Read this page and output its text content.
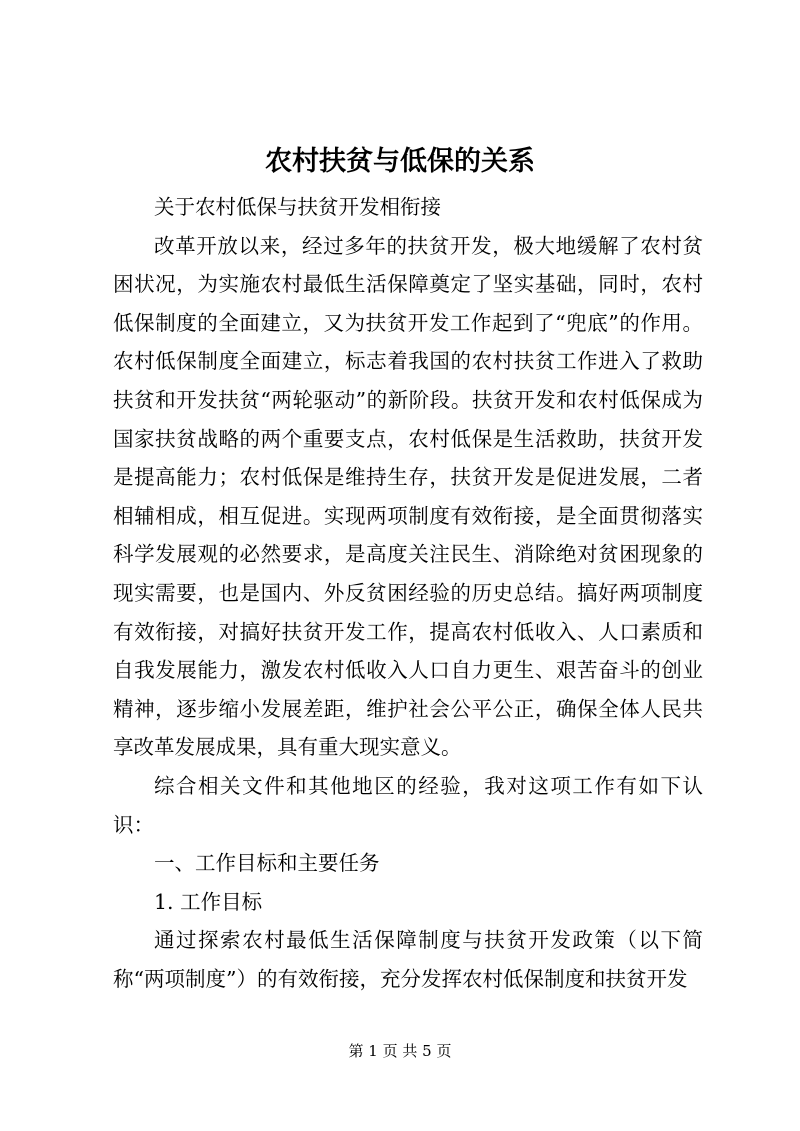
农村扶贫与低保的关系

关于农村低保与扶贫开发相衔接

改革开放以来，经过多年的扶贫开发，极大地缓解了农村贫困状况，为实施农村最低生活保障奠定了坚实基础，同时，农村低保制度的全面建立，又为扶贫开发工作起到了“兜底”的作用。农村低保制度全面建立，标志着我国的农村扶贫工作进入了救助扶贫和开发扶贫“两轮驱动”的新阶段。扶贫开发和农村低保成为国家扶贫战略的两个重要支点，农村低保是生活救助，扶贫开发是提高能力；农村低保是维持生存，扶贫开发是促进发展，二者相辅相成，相互促进。实现两项制度有效衔接，是全面贯彻落实科学发展观的必然要求，是高度关注民生、消除绝对贫困现象的现实需要，也是国内、外反贫困经验的历史总结。搞好两项制度有效衔接，对搞好扶贫开发工作，提高农村低收入、人口素质和自我发展能力，激发农村低收入人口自力更生、艰苦奋斗的创业精神，逐步缩小发展差距，维护社会公平公正，确保全体人民共享改革发展成果，具有重大现实意义。

综合相关文件和其他地区的经验，我对这项工作有如下认识：

一、工作目标和主要任务

1. 工作目标

通过探索农村最低生活保障制度与扶贫开发政策（以下简称“两项制度”）的有效衔接，充分发挥农村低保制度和扶贫开发

第 1 页 共 5 页
